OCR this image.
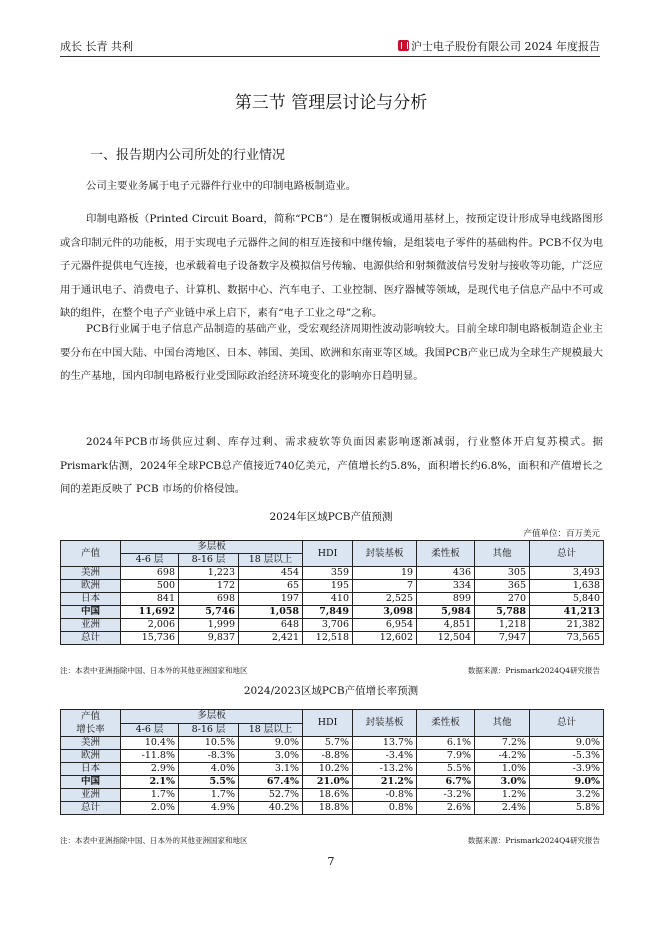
成长 长青 共利	沪士电子股份有限公司 2024 年度报告
第三节 管理层讨论与分析
一、报告期内公司所处的行业情况
公司主要业务属于电子元器件行业中的印制电路板制造业。
印制电路板（Printed Circuit Board，简称“PCB”）是在覆铜板或通用基材上，按预定设计形成导电线路图形或含印制元件的功能板，用于实现电子元器件之间的相互连接和中继传输，是组装电子零件的基础构件。PCB不仅为电子元器件提供电气连接，也承载着电子设备数字及模拟信号传输、电源供给和射频微波信号发射与接收等功能，广泛应用于通讯电子、消费电子、计算机、数据中心、汽车电子、工业控制、医疗器械等领域，是现代电子信息产品中不可或缺的组件，在整个电子产业链中承上启下，素有“电子工业之母”之称。
PCB行业属于电子信息产品制造的基础产业，受宏观经济周期性波动影响较大。目前全球印制电路板制造企业主要分布在中国大陆、中国台湾地区、日本、韩国、美国、欧洲和东南亚等区域。我国PCB产业已成为全球生产规模最大的生产基地，国内印制电路板行业受国际政治经济环境变化的影响亦日趋明显。
2024年PCB市场供应过剩、库存过剩、需求疲软等负面因素影响逐渐减弱，行业整体开启复苏模式。据Prismark估测，2024年全球PCB总产值接近740亿美元，产值增长约5.8%，面积增长约6.8%，面积和产值增长之间的差距反映了 PCB 市场的价格侵蚀。
2024年区域PCB产值预测
产值单位：百万美元
产值	多层板			HDI	封装基板	柔性板	其他	总计
	4-6 层	8-16 层	18 层以上					
美洲	698	1,223	454	359	19	436	305	3,493
欧洲	500	172	65	195	7	334	365	1,638
日本	841	698	197	410	2,525	899	270	5,840
中国	11,692	5,746	1,058	7,849	3,098	5,984	5,788	41,213
亚洲	2,006	1,999	648	3,706	6,954	4,851	1,218	21,382
总计	15,736	9,837	2,421	12,518	12,602	12,504	7,947	73,565
注：本表中亚洲指除中国、日本外的其他亚洲国家和地区	数据来源：Prismark2024Q4研究报告
2024/2023区域PCB产值增长率预测
产值
增长率	多层板			HDI	封装基板	柔性板	其他	总计
	4-6 层	8-16 层	18 层以上					
美洲	10.4%	10.5%	9.0%	5.7%	13.7%	6.1%	7.2%	9.0%
欧洲	-11.8%	-8.3%	3.0%	-8.8%	-3.4%	7.9%	-4.2%	-5.3%
日本	2.9%	4.0%	3.1%	10.2%	-13.2%	5.5%	1.0%	-3.9%
中国	2.1%	5.5%	67.4%	21.0%	21.2%	6.7%	3.0%	9.0%
亚洲	1.7%	1.7%	52.7%	18.6%	-0.8%	-3.2%	1.2%	3.2%
总计	2.0%	4.9%	40.2%	18.8%	0.8%	2.6%	2.4%	5.8%
注：本表中亚洲指除中国、日本外的其他亚洲国家和地区	数据来源：Prismark2024Q4研究报告
7
